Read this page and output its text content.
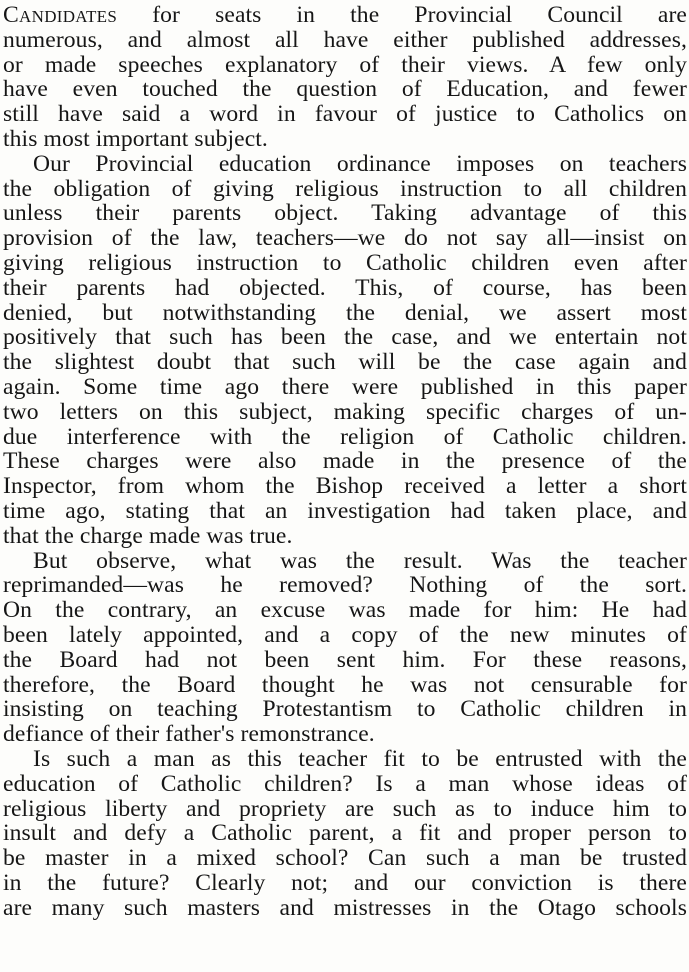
Candidates for seats in the Provincial Council are
numerous, and almost all have either published addresses,
or made speeches explanatory of their views. A few only
have even touched the question of Education, and fewer
still have said a word in favour of justice to Catholics on
this most important subject.
Our Provincial education ordinance imposes on teachers
the obligation of giving religious instruction to all children
unless their parents object. Taking advantage of this
provision of the law, teachers—we do not say all—insist on
giving religious instruction to Catholic children even after
their parents had objected. This, of course, has been
denied, but notwithstanding the denial, we assert most
positively that such has been the case, and we entertain not
the slightest doubt that such will be the case again and
again. Some time ago there were published in this paper
two letters on this subject, making specific charges of un-
due interference with the religion of Catholic children.
These charges were also made in the presence of the
Inspector, from whom the Bishop received a letter a short
time ago, stating that an investigation had taken place, and
that the charge made was true.
But observe, what was the result. Was the teacher
reprimanded—was he removed? Nothing of the sort.
On the contrary, an excuse was made for him: He had
been lately appointed, and a copy of the new minutes of
the Board had not been sent him. For these reasons,
therefore, the Board thought he was not censurable for
insisting on teaching Protestantism to Catholic children in
defiance of their father's remonstrance.
Is such a man as this teacher fit to be entrusted with the
education of Catholic children? Is a man whose ideas of
religious liberty and propriety are such as to induce him to
insult and defy a Catholic parent, a fit and proper person to
be master in a mixed school? Can such a man be trusted
in the future? Clearly not; and our conviction is there
are many such masters and mistresses in the Otago schools
